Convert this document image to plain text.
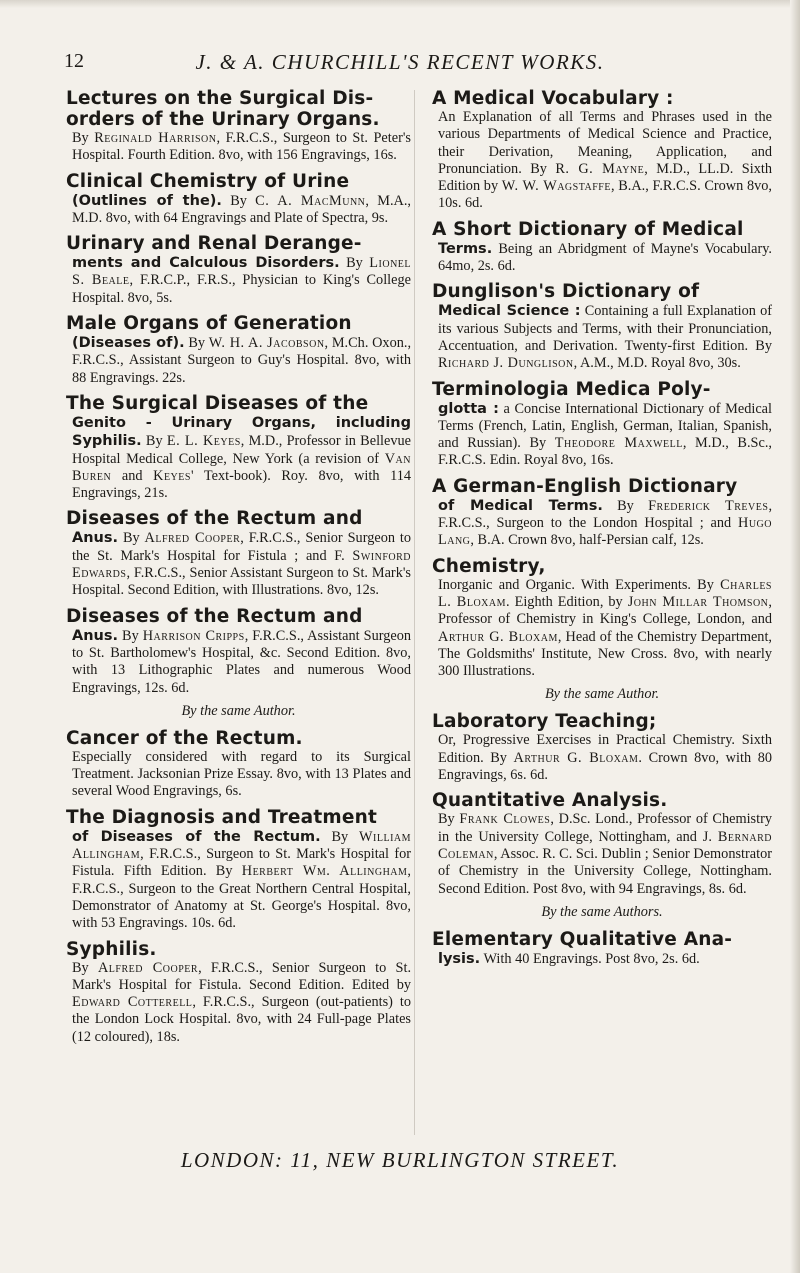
J. & A. CHURCHILL'S RECENT WORKS.
12
Lectures on the Surgical Dis- orders of the Urinary Organs.
By Reginald Harrison, F.R.C.S., Surgeon to St. Peter's Hospital. Fourth Edition. 8vo, with 156 Engravings, 16s.
Clinical Chemistry of Urine
(Outlines of the). By C. A. MacMunn, M.A., M.D. 8vo, with 64 Engravings and Plate of Spectra, 9s.
Urinary and Renal Derange-
ments and Calculous Disorders. By Lionel S. Beale, F.R.C.P., F.R.S., Physician to King's College Hospital. 8vo, 5s.
Male Organs of Generation
(Diseases of). By W. H. A. Jacobson, M.Ch. Oxon., F.R.C.S., Assistant Surgeon to Guy's Hospital. 8vo, with 88 Engravings. 22s.
The Surgical Diseases of the
Genito - Urinary Organs, including Syphilis. By E. L. Keyes, M.D., Professor in Bellevue Hospital Medical College, New York (a revision of Van Buren and Keyes' Text-book). Roy. 8vo, with 114 Engravings, 21s.
Diseases of the Rectum and
Anus. By Alfred Cooper, F.R.C.S., Senior Surgeon to the St. Mark's Hospital for Fistula ; and F. Swinford Edwards, F.R.C.S., Senior Assistant Surgeon to St. Mark's Hospital. Second Edition, with Illustrations. 8vo, 12s.
Diseases of the Rectum and
Anus. By Harrison Cripps, F.R.C.S., Assistant Surgeon to St. Bartholomew's Hospital, &c. Second Edition. 8vo, with 13 Lithographic Plates and numerous Wood Engravings, 12s. 6d.
By the same Author.
Cancer of the Rectum.
Especially considered with regard to its Surgical Treatment. Jacksonian Prize Essay. 8vo, with 13 Plates and several Wood Engravings, 6s.
The Diagnosis and Treatment
of Diseases of the Rectum. By William Allingham, F.R.C.S., Surgeon to St. Mark's Hospital for Fistula. Fifth Edition. By Herbert Wm. Allingham, F.R.C.S., Surgeon to the Great Northern Central Hospital, Demonstrator of Anatomy at St. George's Hospital. 8vo, with 53 Engravings. 10s. 6d.
Syphilis.
By Alfred Cooper, F.R.C.S., Senior Surgeon to St. Mark's Hospital for Fistula. Second Edition. Edited by Edward Cotterell, F.R.C.S., Surgeon (out-patients) to the London Lock Hospital. 8vo, with 24 Full-page Plates (12 coloured), 18s.
A Medical Vocabulary :
An Explanation of all Terms and Phrases used in the various Departments of Medical Science and Practice, their Derivation, Meaning, Application, and Pronunciation. By R. G. Mayne, M.D., LL.D. Sixth Edition by W. W. Wagstaffe, B.A., F.R.C.S. Crown 8vo, 10s. 6d.
A Short Dictionary of Medical
Terms. Being an Abridgment of Mayne's Vocabulary. 64mo, 2s. 6d.
Dunglison's Dictionary of
Medical Science : Containing a full Explanation of its various Subjects and Terms, with their Pronunciation, Accentuation, and Derivation. Twenty-first Edition. By Richard J. Dunglison, A.M., M.D. Royal 8vo, 30s.
Terminologia Medica Poly-
glotta : a Concise International Dictionary of Medical Terms (French, Latin, English, German, Italian, Spanish, and Russian). By Theodore Maxwell, M.D., B.Sc., F.R.C.S. Edin. Royal 8vo, 16s.
A German-English Dictionary
of Medical Terms. By Frederick Treves, F.R.C.S., Surgeon to the London Hospital ; and Hugo Lang, B.A. Crown 8vo, half-Persian calf, 12s.
Chemistry,
Inorganic and Organic. With Experiments. By Charles L. Bloxam. Eighth Edition, by John Millar Thomson, Professor of Chemistry in King's College, London, and Arthur G. Bloxam, Head of the Chemistry Department, The Goldsmiths' Institute, New Cross. 8vo, with nearly 300 Illustrations.
By the same Author.
Laboratory Teaching;
Or, Progressive Exercises in Practical Chemistry. Sixth Edition. By Arthur G. Bloxam. Crown 8vo, with 80 Engravings, 6s. 6d.
Quantitative Analysis.
By Frank Clowes, D.Sc. Lond., Professor of Chemistry in the University College, Nottingham, and J. Bernard Coleman, Assoc. R. C. Sci. Dublin ; Senior Demonstrator of Chemistry in the University College, Nottingham. Second Edition. Post 8vo, with 94 Engravings, 8s. 6d.
By the same Authors.
Elementary Qualitative Ana-
lysis. With 40 Engravings. Post 8vo, 2s. 6d.
LONDON: 11, NEW BURLINGTON STREET.
